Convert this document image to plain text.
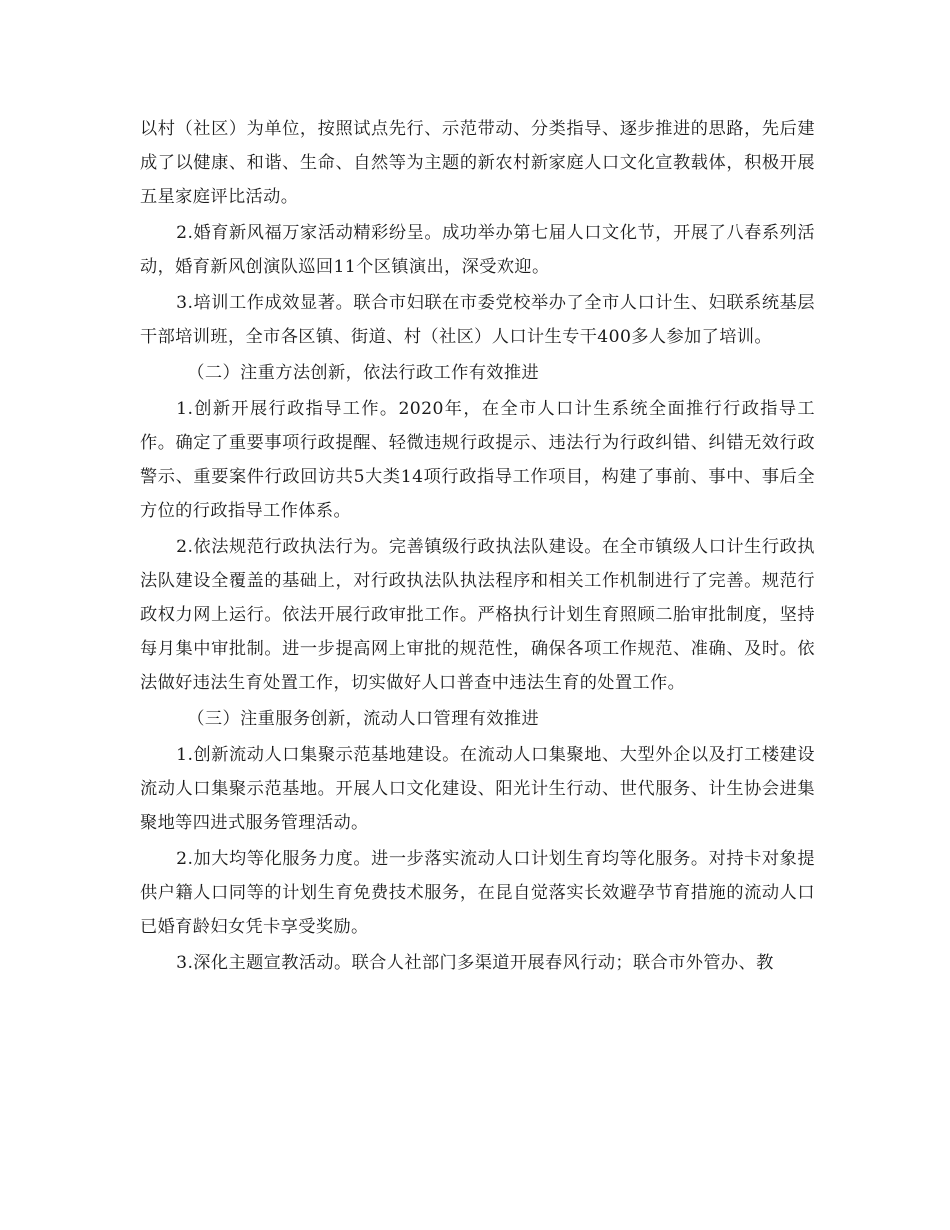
以村（社区）为单位，按照试点先行、示范带动、分类指导、逐步推进的思路，先后建成了以健康、和谐、生命、自然等为主题的新农村新家庭人口文化宣教载体，积极开展五星家庭评比活动。

2.婚育新风福万家活动精彩纷呈。成功举办第七届人口文化节，开展了八春系列活动，婚育新风创演队巡回11个区镇演出，深受欢迎。

3.培训工作成效显著。联合市妇联在市委党校举办了全市人口计生、妇联系统基层干部培训班，全市各区镇、街道、村（社区）人口计生专干400多人参加了培训。

（二）注重方法创新，依法行政工作有效推进

1.创新开展行政指导工作。2020年，在全市人口计生系统全面推行行政指导工作。确定了重要事项行政提醒、轻微违规行政提示、违法行为行政纠错、纠错无效行政警示、重要案件行政回访共5大类14项行政指导工作项目，构建了事前、事中、事后全方位的行政指导工作体系。

2.依法规范行政执法行为。完善镇级行政执法队建设。在全市镇级人口计生行政执法队建设全覆盖的基础上，对行政执法队执法程序和相关工作机制进行了完善。规范行政权力网上运行。依法开展行政审批工作。严格执行计划生育照顾二胎审批制度，坚持每月集中审批制。进一步提高网上审批的规范性，确保各项工作规范、准确、及时。依法做好违法生育处置工作，切实做好人口普查中违法生育的处置工作。

（三）注重服务创新，流动人口管理有效推进

1.创新流动人口集聚示范基地建设。在流动人口集聚地、大型外企以及打工楼建设流动人口集聚示范基地。开展人口文化建设、阳光计生行动、世代服务、计生协会进集聚地等四进式服务管理活动。

2.加大均等化服务力度。进一步落实流动人口计划生育均等化服务。对持卡对象提供户籍人口同等的计划生育免费技术服务，在昆自觉落实长效避孕节育措施的流动人口已婚育龄妇女凭卡享受奖励。

3.深化主题宣教活动。联合人社部门多渠道开展春风行动；联合市外管办、教
